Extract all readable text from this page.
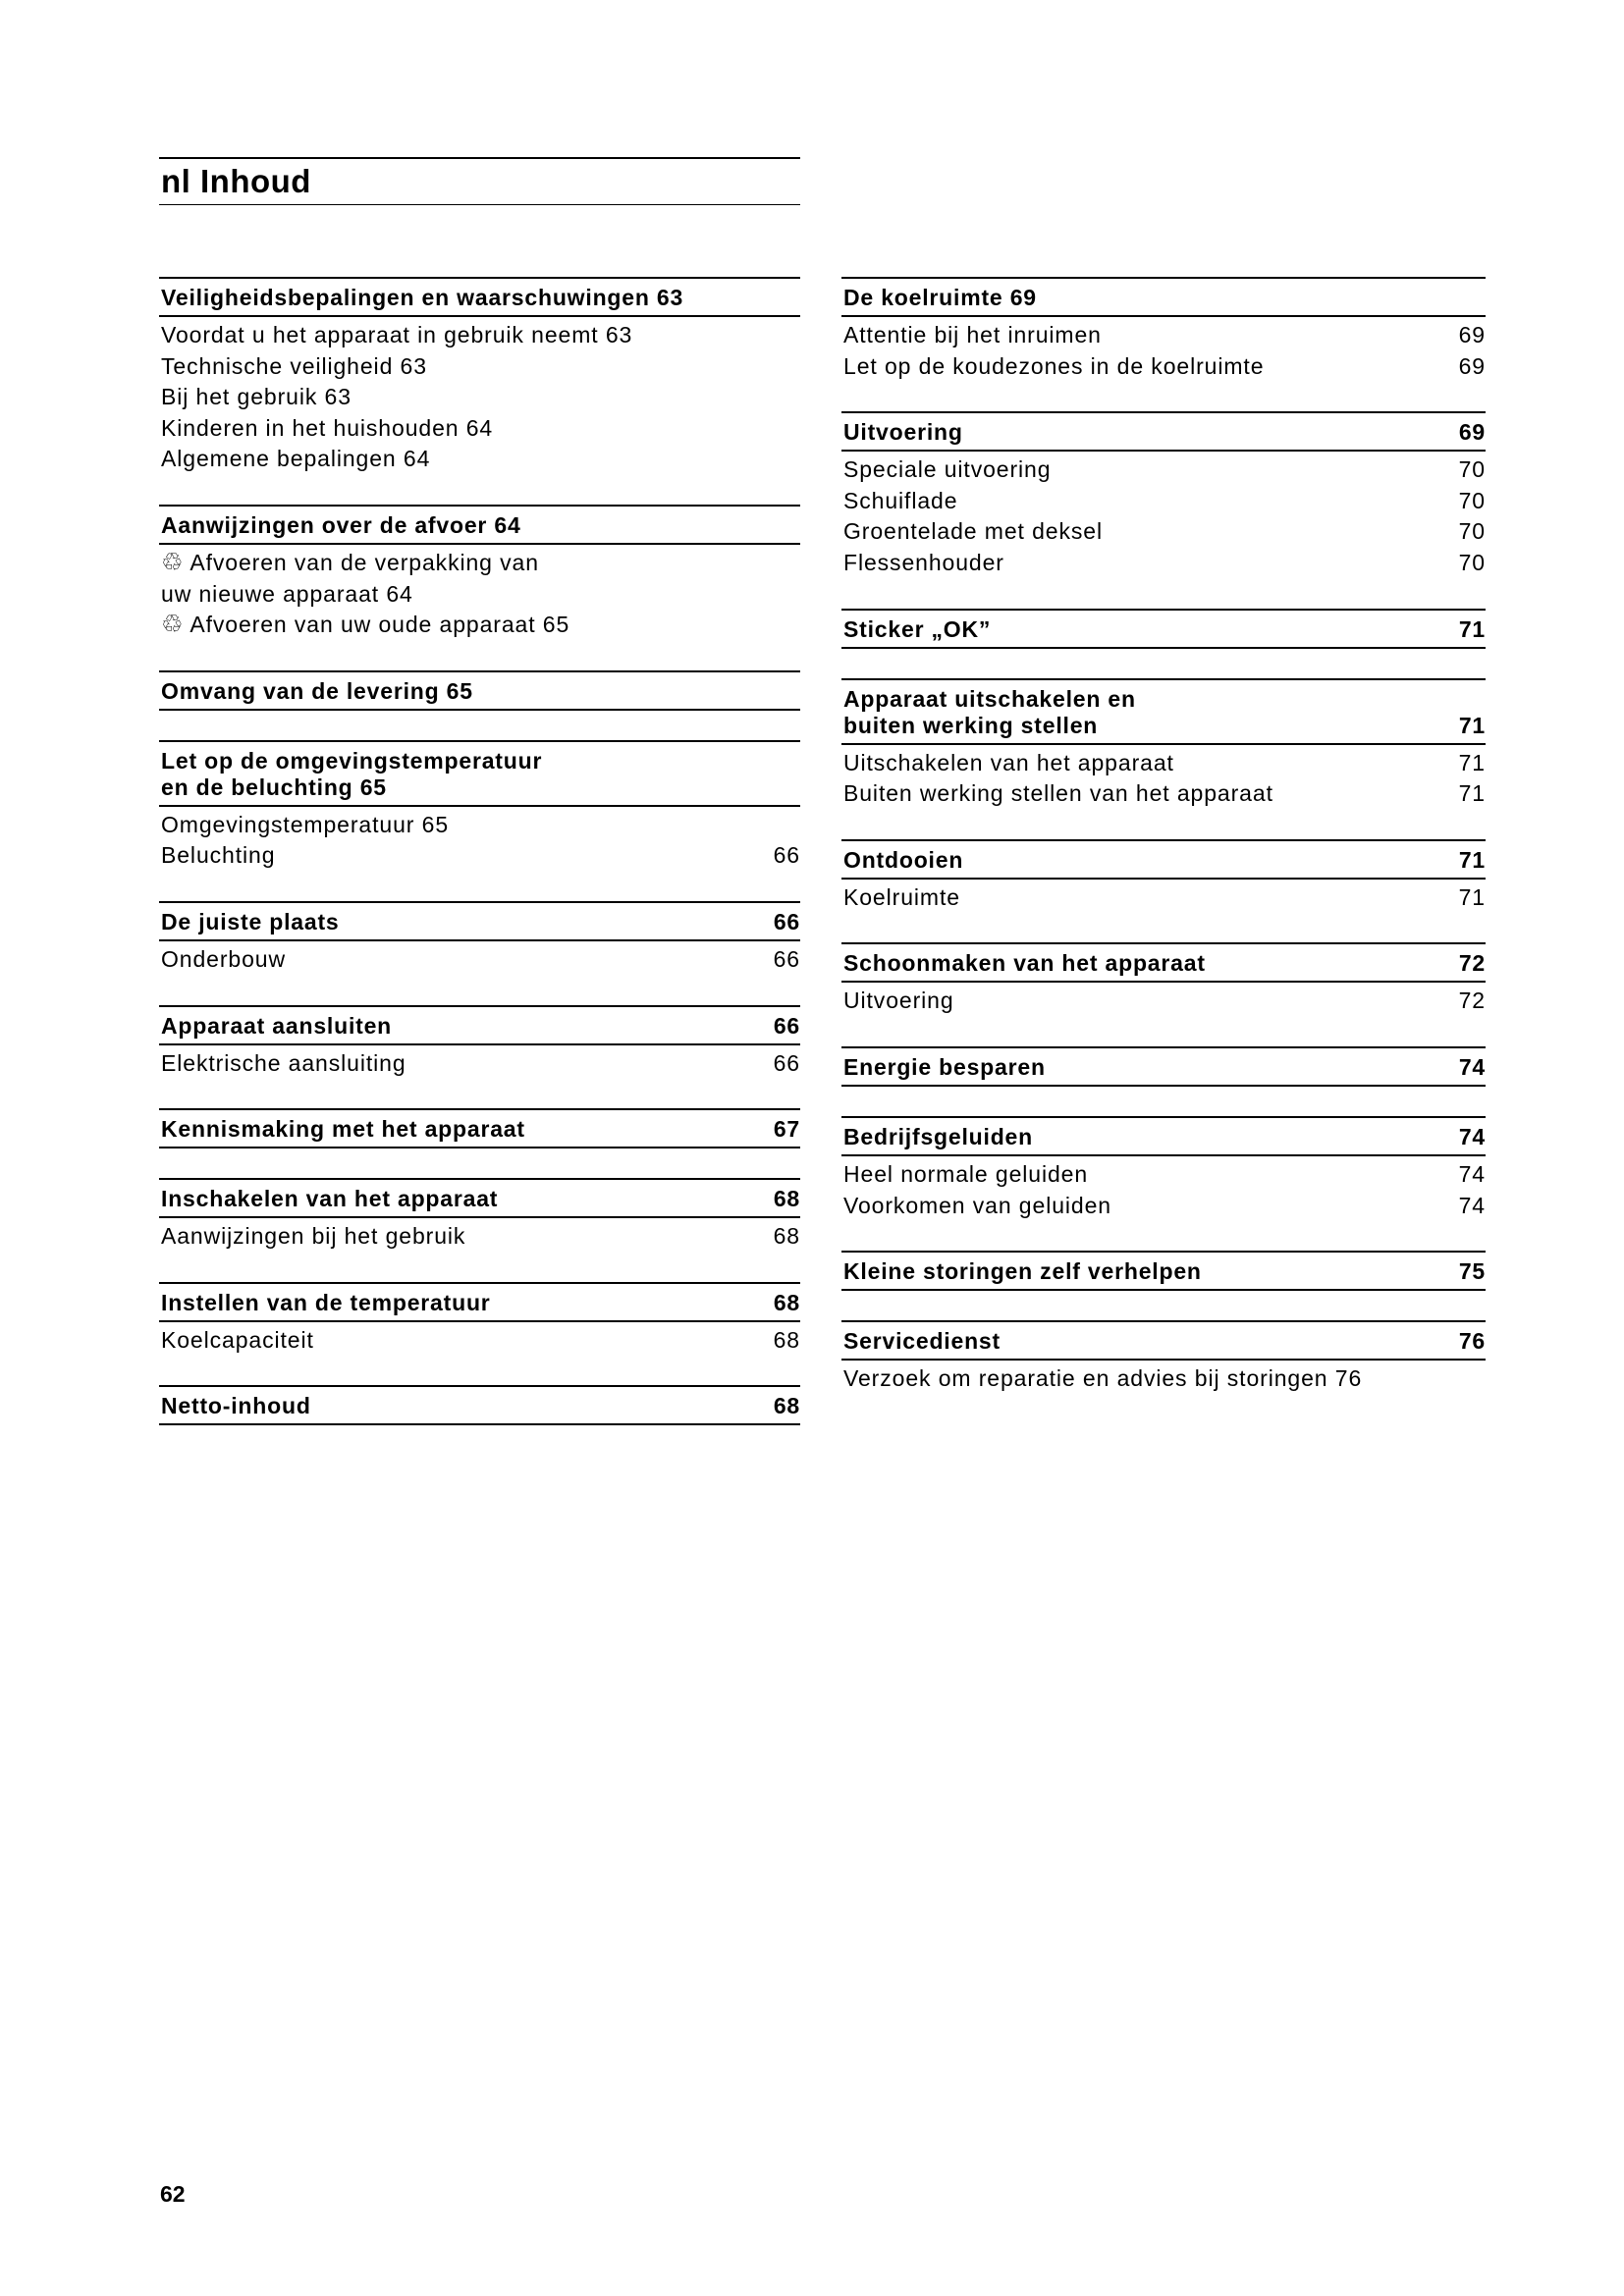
nl Inhoud
Veiligheidsbepalingen en waarschuwingen 63
Voordat u het apparaat in gebruik neemt 63
Technische veiligheid 63
Bij het gebruik 63
Kinderen in het huishouden 64
Algemene bepalingen 64
Aanwijzingen over de afvoer 64
♲ Afvoeren van de verpakking van
uw nieuwe apparaat 64
♲ Afvoeren van uw oude apparaat 65
Omvang van de levering 65
Let op de omgevingstemperatuur
en de beluchting 65
Omgevingstemperatuur 65
Beluchting	66
De juiste plaats	66
Onderbouw	66
Apparaat aansluiten	66
Elektrische aansluiting	66
Kennismaking met het apparaat	67
Inschakelen van het apparaat	68
Aanwijzingen bij het gebruik	68
Instellen van de temperatuur	68
Koelcapaciteit	68
Netto-inhoud	68
De koelruimte 69
Attentie bij het inruimen	69
Let op de koudezones in de koelruimte	69
Uitvoering	69
Speciale uitvoering	70
Schuiflade	70
Groentelade met deksel	70
Flessenhouder	70
Sticker „OK”	71
Apparaat uitschakelen en
buiten werking stellen	71
Uitschakelen van het apparaat	71
Buiten werking stellen van het apparaat	71
Ontdooien	71
Koelruimte	71
Schoonmaken van het apparaat	72
Uitvoering	72
Energie besparen	74
Bedrijfsgeluiden	74
Heel normale geluiden	74
Voorkomen van geluiden	74
Kleine storingen zelf verhelpen	75
Servicedienst	76
Verzoek om reparatie en advies bij storingen 76
62
